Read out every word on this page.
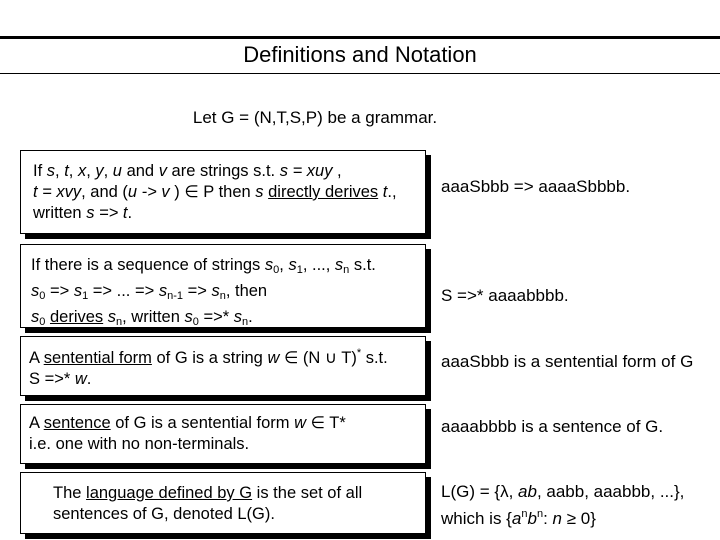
Definitions and Notation
Let G = (N,T,S,P) be a grammar.

If s, t, x, y, u and v are strings s.t. s = xuy ,
t = xvy, and (u -> v ) ∈ P then s directly derives t.,
written s => t.

aaaSbbb => aaaaSbbbb.

If there is a sequence of strings $s_0$, $s_1$, ..., $s_n$ s.t.
$s_0 => s_1$ => ... => $s_{n-1} => s_n$, then
$s_0$ derives $s_n$, written $s_0$ =>* $s_n$.

S =>* aaaabbbb.

A sentential form of G is a string w ∈ (N ∪ T)* s.t.
S =>* w.

aaaSbbb is a sentential form of G

A sentence of G is a sentential form w ∈ T*
i.e. one with no non-terminals.

aaaabbbb is a sentence of G.

The language defined by G is the set of all
sentences of G, denoted L(G).

L(G) = {λ, ab, aabb, aaabbb, ...},
which is {$a^nb^n$: n ≥ 0}
